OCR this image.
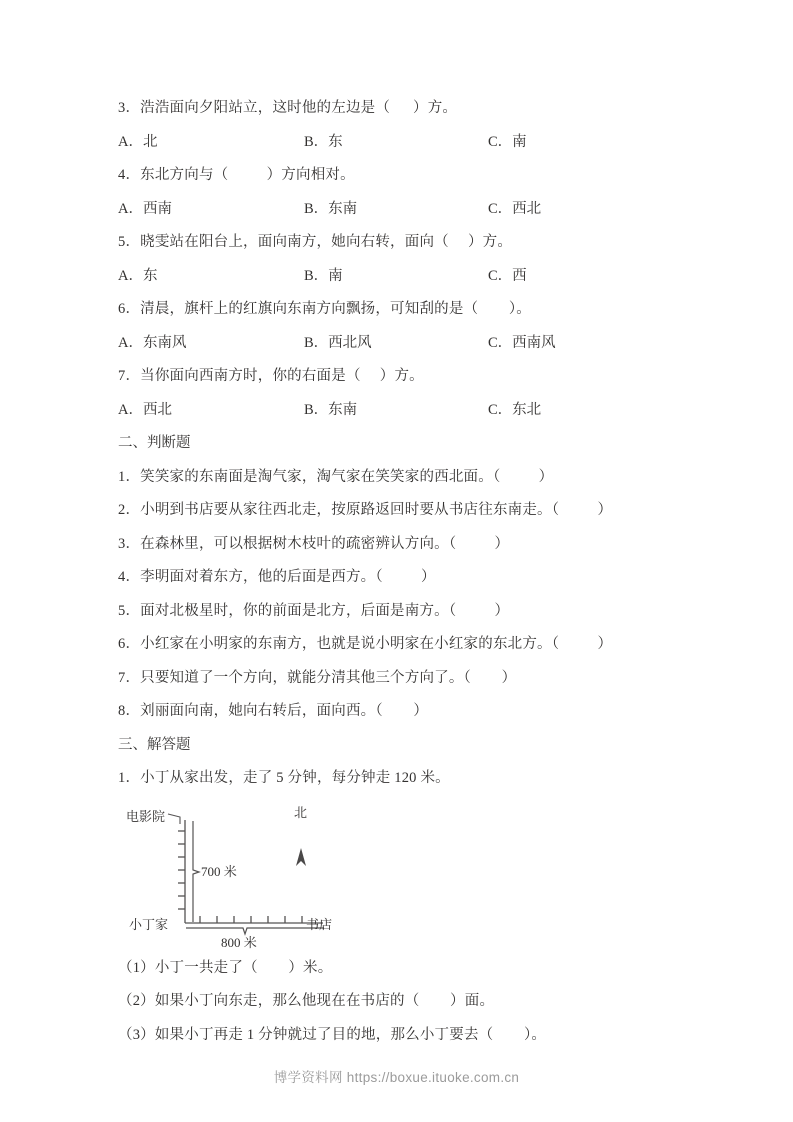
3．浩浩面向夕阳站立，这时他的左边是（      ）方。
A．北	B．东	C．南
4．东北方向与（          ）方向相对。
A．西南	B．东南	C．西北
5．晓雯站在阳台上，面向南方，她向右转，面向（     ）方。
A．东	B．南	C．西
6．清晨，旗杆上的红旗向东南方向飘扬，可知刮的是（        ）。
A．东南风	B．西北风	C．西南风
7．当你面向西南方时，你的右面是（     ）方。
A．西北	B．东南	C．东北
二、判断题
1．笑笑家的东南面是淘气家，淘气家在笑笑家的西北面。（          ）
2．小明到书店要从家往西北走，按原路返回时要从书店往东南走。（          ）
3．在森林里，可以根据树木枝叶的疏密辨认方向。（          ）
4．李明面对着东方，他的后面是西方。（          ）
5．面对北极星时，你的前面是北方，后面是南方。（          ）
6．小红家在小明家的东南方，也就是说小明家在小红家的东北方。（          ）
7．只要知道了一个方向，就能分清其他三个方向了。（        ）
8．刘丽面向南，她向右转后，面向西。（        ）
三、解答题
1．小丁从家出发，走了 5 分钟，每分钟走 120 米。
电影院
小丁家	书店
700 米
800 米
北
（1）小丁一共走了（        ）米。
（2）如果小丁向东走，那么他现在在书店的（        ）面。
（3）如果小丁再走 1 分钟就过了目的地，那么小丁要去（        ）。
博学资料网 https://boxue.ituoke.com.cn
